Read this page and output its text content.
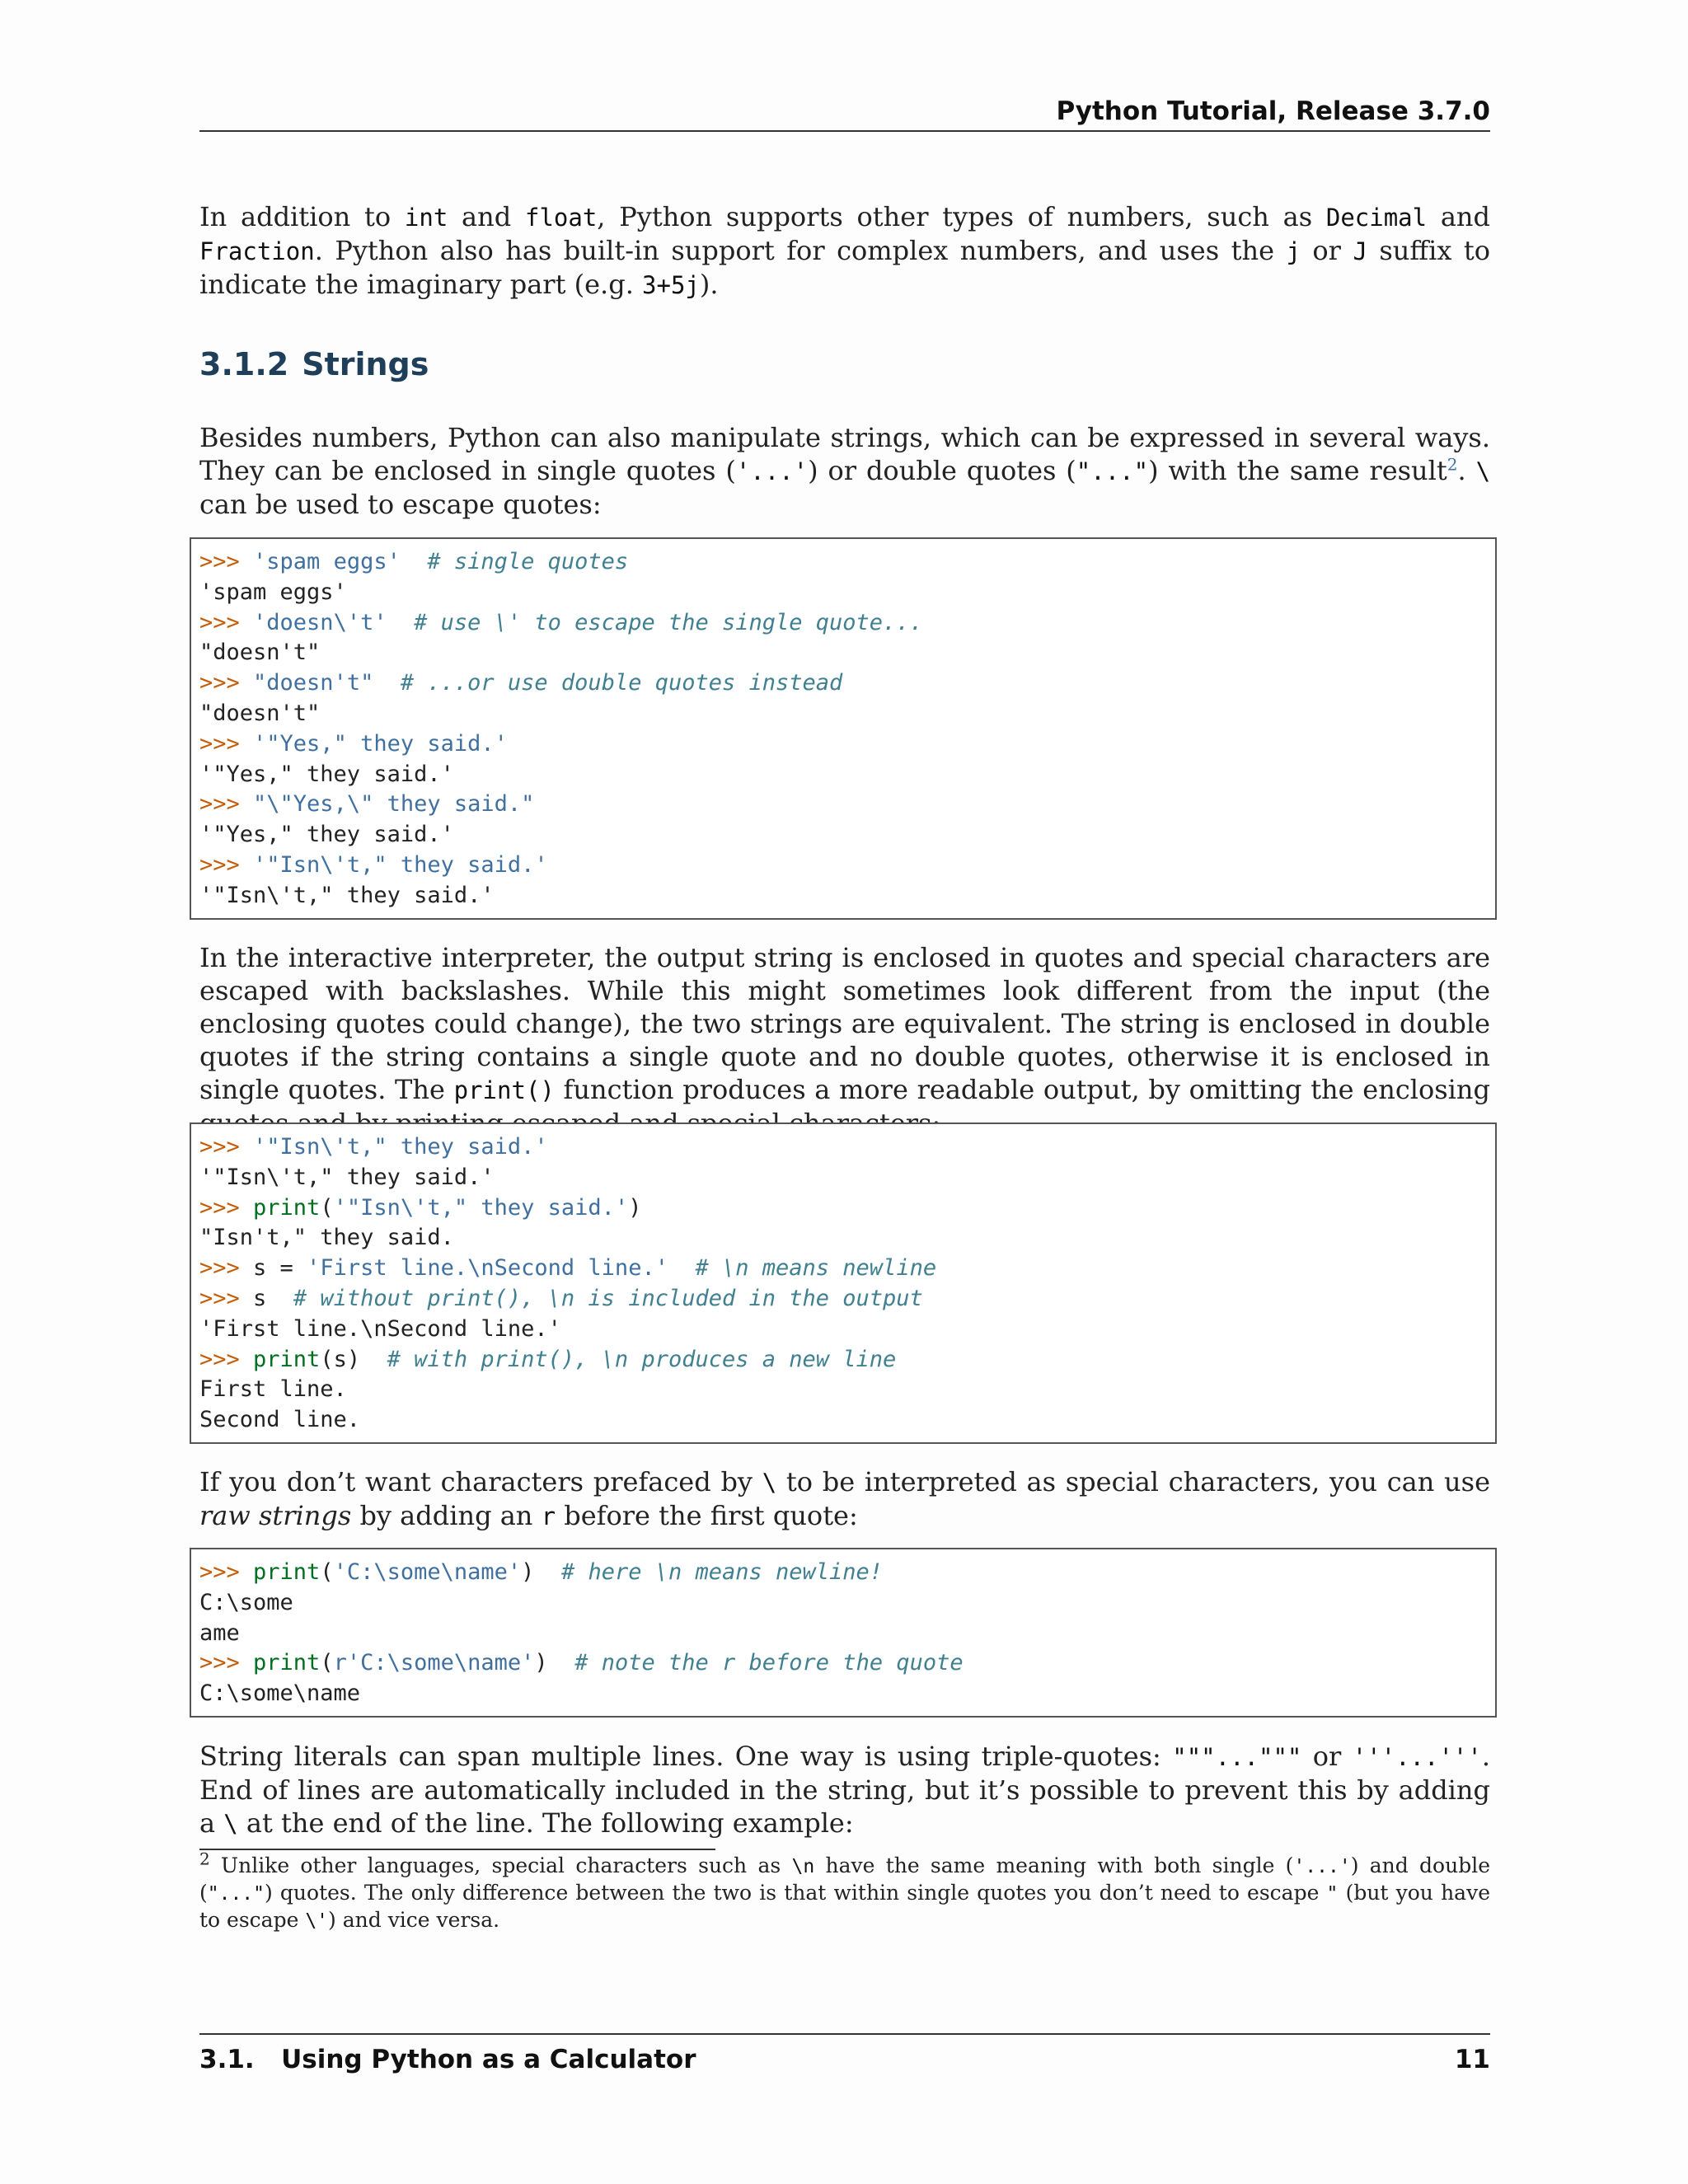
Python Tutorial, Release 3.7.0

In addition to int and float, Python supports other types of numbers, such as Decimal and Fraction. Python also has built-in support for complex numbers, and uses the j or J suffix to indicate the imaginary part (e.g. 3+5j).

3.1.2 Strings

Besides numbers, Python can also manipulate strings, which can be expressed in several ways. They can be enclosed in single quotes ('...') or double quotes ("...") with the same result$^2$. \ can be used to escape quotes:

>>> 'spam eggs' # single quotes
'spam eggs'
>>> 'doesn\'t' # use \' to escape the single quote...
"doesn't"
>>> "doesn't" # ...or use double quotes instead
"doesn't"
>>> '"Yes," they said.'
'"Yes," they said.'
>>> "\"Yes,\" they said."
'"Yes," they said.'
>>> '"Isn\'t," they said.'
'"Isn\'t," they said.'

In the interactive interpreter, the output string is enclosed in quotes and special characters are escaped with backslashes. While this might sometimes look different from the input (the enclosing quotes could change), the two strings are equivalent. The string is enclosed in double quotes if the string contains a single quote and no double quotes, otherwise it is enclosed in single quotes. The print() function produces a more readable output, by omitting the enclosing

>>> '"Isn\'t," they said.'
'"Isn\'t," they said.'
>>> print('"Isn\'t," they said.')
"Isn't," they said.
>>> s = 'First line.\nSecond line.' # \n means newline
>>> s  # without print(), \n is included in the output
'First line.\nSecond line.'
>>> print(s)  # with print(), \n produces a new line
First line.
Second line.

If you don’t want characters prefaced by \ to be interpreted as special characters, you can use raw strings by adding an r before the first quote:

>>> print('C:\some\name')  # here \n means newline!
C:\some
ame
>>> print(r'C:\some\name')  # note the r before the quote
C:\some\name

String literals can span multiple lines. One way is using triple-quotes: """...""" or '''...'''. End of lines are automatically included in the string, but it’s possible to prevent this by adding a \ at the end of the line. The following example:

$^2$ Unlike other languages, special characters such as \n have the same meaning with both single ('...') and double ("...") quotes. The only difference between the two is that within single quotes you don’t need to escape " (but you have to escape \') and vice versa.

3.1.   Using Python as a Calculator	11
